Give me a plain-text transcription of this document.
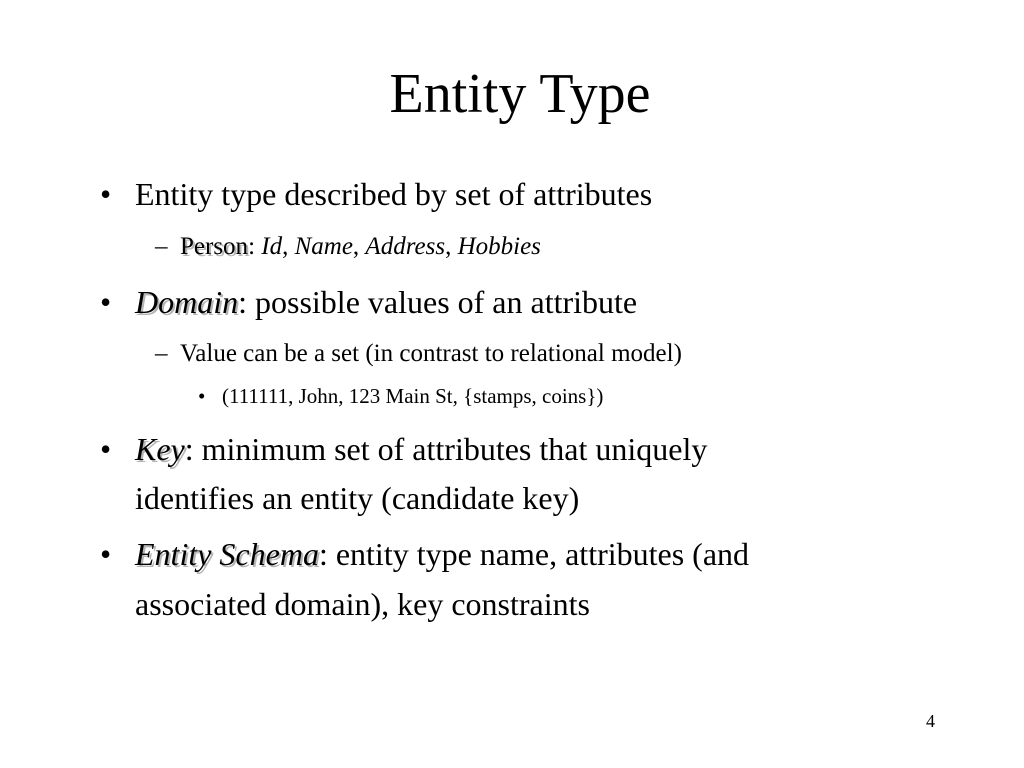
Entity Type
• Entity type described by set of attributes
– Person: Id, Name, Address, Hobbies
• Domain: possible values of an attribute
– Value can be a set (in contrast to relational model)
• (111111, John, 123 Main St, {stamps, coins})
• Key: minimum set of attributes that uniquely
identifies an entity (candidate key)
• Entity Schema: entity type name, attributes (and
associated domain), key constraints
4
